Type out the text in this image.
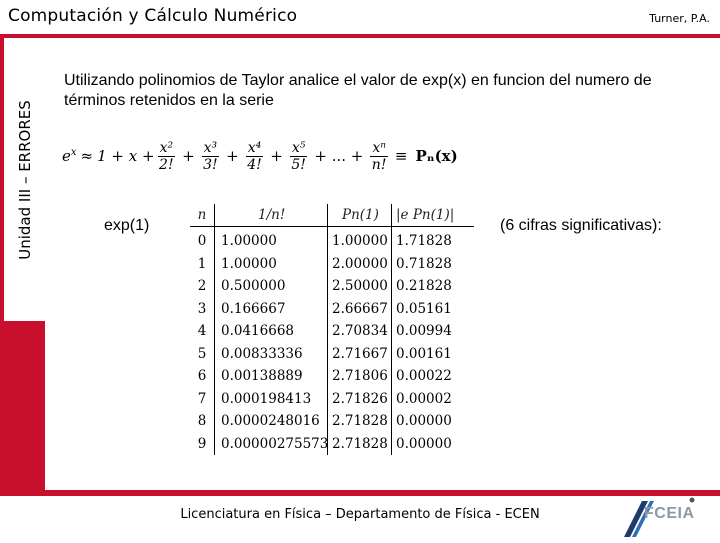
Computación y Cálculo Numérico	Turner, P.A.
Unidad III – ERRORES
Utilizando polinomios de Taylor analice el valor de exp(x) en funcion del numero de términos retenidos en la serie
$e^x \approx 1 + x + \frac{\text{x²}}{2!} + \frac{\text{x³}}{3!} + \frac{\text{x⁴}}{4!} + \frac{\text{x⁵}}{5!}$ + ... + $\frac{\text{xⁿ}}{n!} \equiv P_n(x)$
exp(1)	(6 cifras significativas):
n	1/n!	Pn(1) |e Pn(1)|
0	1.00000	1.00000 1.71828
1	1.00000	2.00000 0.71828
2	0.500000	2.50000 0.21828
3	0.166667	2.66667 0.05161
4	0.0416668	2.70834 0.00994
5	0.00833336 2.71667 0.00161
6	0.00138889 2.71806 0.00022
7	0.000198413 2.71826 0.00002
8	0.0000248016 2.71828 0.00000
9	0.00000275573 2.71828 0.00000
Licenciatura en Física – Departamento de Física - ECEN	FCEIA
